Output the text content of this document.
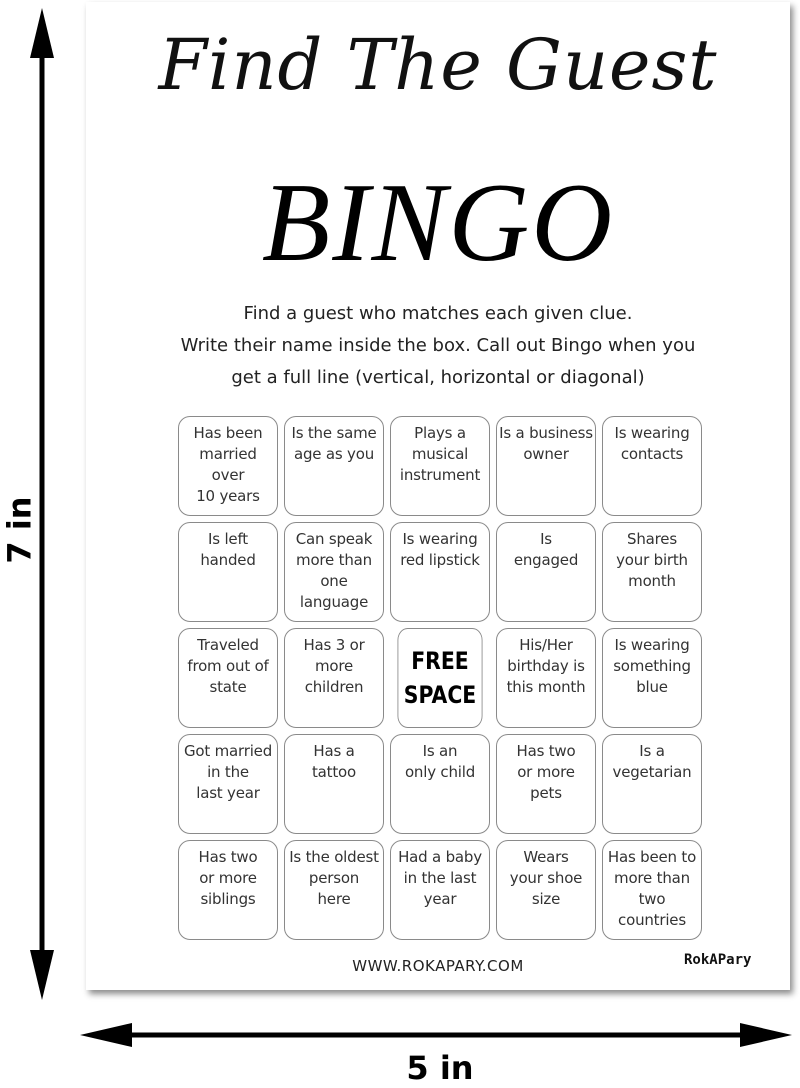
7 in
5 in
Find The Guest
BINGO
Find a guest who matches each given clue.
Write their name inside the box. Call out Bingo when you
get a full line (vertical, horizontal or diagonal)
Has been
married over
10 years
Is the same
age as you
Plays a
musical
instrument
Is a business
owner
Is wearing
contacts
Is left
handed
Can speak
more than
one language
Is wearing
red lipstick
Is
engaged
Shares
your birth
month
Traveled
from out of
state
Has 3 or
more
children
FREE
SPACE
His/Her
birthday is
this month
Is wearing
something
blue
Got married
in the
last year
Has a
tattoo
Is an
only child
Has two
or more
pets
Is a
vegetarian
Has two
or more
siblings
Is the oldest
person
here
Had a baby
in the last
year
Wears
your shoe
size
Has been to
more than
two countries
WWW.ROKAPARY.COM	RokAPary
